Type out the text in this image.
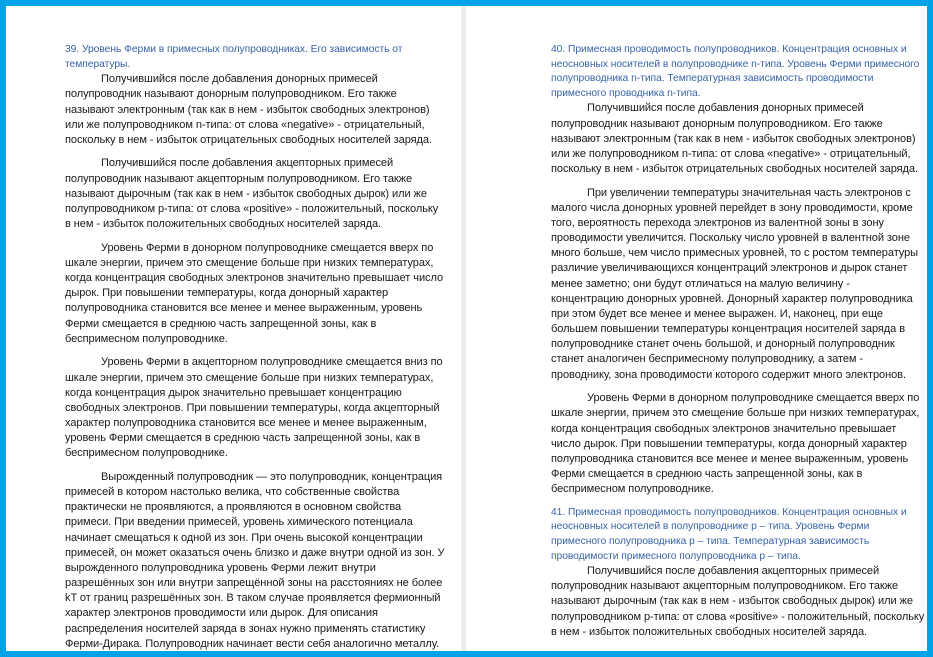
39. Уровень Ферми в примесных полупроводниках. Его зависимость от температуры.

Получившийся после добавления донорных примесей полупроводник называют донорным полупроводником. Его также называют электронным (так как в нем - избыток свободных электронов) или же полупроводником n-типа: от слова «negative» - отрицательный, поскольку в нем - избыток отрицательных свободных носителей заряда.

Получившийся после добавления акцепторных примесей полупроводник называют акцепторным полупроводником. Его также называют дырочным (так как в нем - избыток свободных дырок) или же полупроводником р-типа: от слова «positive» - положительный, поскольку в нем - избыток положительных свободных носителей заряда.

Уровень Ферми в донорном полупроводнике смещается вверх по шкале энергии, причем это смещение больше при низких температурах, когда концентрация свободных электронов значительно превышает число дырок. При повышении температуры, когда донорный характер полупроводника становится все менее и менее выраженным, уровень Ферми смещается в среднюю часть запрещенной зоны, как в беспримесном полупроводнике.

Уровень Ферми в акцепторном полупроводнике смещается вниз по шкале энергии, причем это смещение больше при низких температурах, когда концентрация дырок значительно превышает концентрацию свободных электронов. При повышении температуры, когда акцепторный характер полупроводника становится все менее и менее выраженным, уровень Ферми смещается в среднюю часть запрещенной зоны, как в беспримесном полупроводнике.

Вырожденный полупроводник — это полупроводник, концентрация примесей в котором настолько велика, что собственные свойства практически не проявляются, а проявляются в основном свойства примеси. При введении примесей, уровень химического потенциала начинает смещаться к одной из зон. При очень высокой концентрации примесей, он может оказаться очень близко и даже внутри одной из зон. У вырожденного полупроводника уровень Ферми лежит внутри разрешённых зон или внутри запрещённой зоны на расстояниях не более kT от границ разрешённых зон. В таком случае проявляется фермионный характер электронов проводимости или дырок. Для описания распределения носителей заряда в зонах нужно применять статистику Ферми-Дирака. Полупроводник начинает вести себя аналогично металлу.

40. Примесная проводимость полупроводников. Концентрация основных и неосновных носителей в полупроводнике n-типа. Уровень Ферми примесного полупроводника n-типа. Температурная зависимость проводимости примесного проводника n-типа.

Получившийся после добавления донорных примесей полупроводник называют донорным полупроводником. Его также называют электронным (так как в нем - избыток свободных электронов) или же полупроводником n-типа: от слова «negative» - отрицательный, поскольку в нем - избыток отрицательных свободных носителей заряда.

При увеличении температуры значительная часть электронов с малого числа донорных уровней перейдет в зону проводимости, кроме того, вероятность перехода электронов из валентной зоны в зону проводимости увеличится. Поскольку число уровней в валентной зоне много больше, чем число примесных уровней, то с ростом температуры различие увеличивающихся концентраций электронов и дырок станет менее заметно; они будут отличаться на малую величину - концентрацию донорных уровней. Донорный характер полупроводника при этом будет все менее и менее выражен. И, наконец, при еще большем повышении температуры концентрация носителей заряда в полупроводнике станет очень большой, и донорный полупроводник станет аналогичен беспримесному полупроводнику, а затем - проводнику, зона проводимости которого содержит много электронов.

Уровень Ферми в донорном полупроводнике смещается вверх по шкале энергии, причем это смещение больше при низких температурах, когда концентрация свободных электронов значительно превышает число дырок. При повышении температуры, когда донорный характер полупроводника становится все менее и менее выраженным, уровень Ферми смещается в среднюю часть запрещенной зоны, как в беспримесном полупроводнике.

41. Примесная проводимость полупроводников. Концентрация основных и неосновных носителей в полупроводнике р – типа. Уровень Ферми примесного полупроводника р – типа. Температурная зависимость проводимости примесного полупроводника р – типа.

Получившийся после добавления акцепторных примесей полупроводник называют акцепторным полупроводником. Его также называют дырочным (так как в нем - избыток свободных дырок) или же полупроводником р-типа: от слова «positive» - положительный, поскольку в нем - избыток положительных свободных носителей заряда.
